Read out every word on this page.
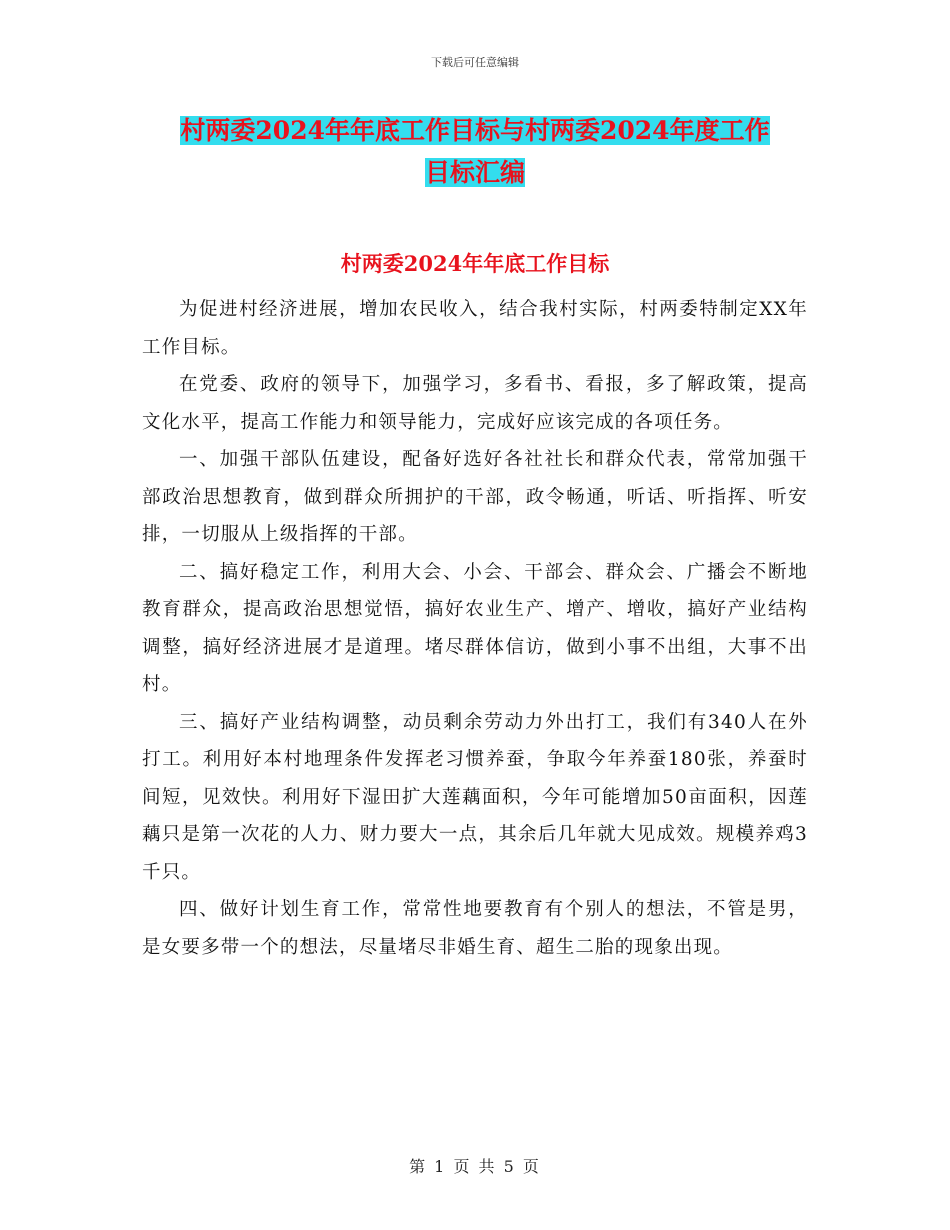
下载后可任意编辑
村两委2024年年底工作目标与村两委2024年度工作
目标汇编
村两委2024年年底工作目标

为促进村经济进展，增加农民收入，结合我村实际，村两委特制定XX年工作目标。

在党委、政府的领导下，加强学习，多看书、看报，多了解政策，提高文化水平，提高工作能力和领导能力，完成好应该完成的各项任务。

一、加强干部队伍建设，配备好选好各社社长和群众代表，常常加强干部政治思想教育，做到群众所拥护的干部，政令畅通，听话、听指挥、听安排，一切服从上级指挥的干部。

二、搞好稳定工作，利用大会、小会、干部会、群众会、广播会不断地教育群众，提高政治思想觉悟，搞好农业生产、增产、增收，搞好产业结构调整，搞好经济进展才是道理。堵尽群体信访，做到小事不出组，大事不出村。

三、搞好产业结构调整，动员剩余劳动力外出打工，我们有340人在外打工。利用好本村地理条件发挥老习惯养蚕，争取今年养蚕180张，养蚕时间短，见效快。利用好下湿田扩大莲藕面积，今年可能增加50亩面积，因莲藕只是第一次花的人力、财力要大一点，其余后几年就大见成效。规模养鸡3千只。

四、做好计划生育工作，常常性地要教育有个别人的想法，不管是男，是女要多带一个的想法，尽量堵尽非婚生育、超生二胎的现象出现。

第 1 页 共 5 页
